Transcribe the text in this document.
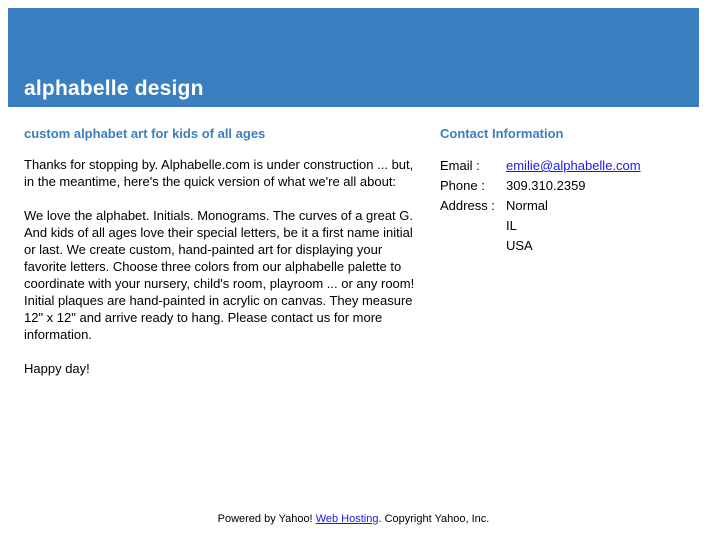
alphabelle design
custom alphabet art for kids of all ages

Thanks for stopping by. Alphabelle.com is under construction ... but, in the meantime, here's the quick version of what we're all about:

We love the alphabet. Initials. Monograms. The curves of a great G. And kids of all ages love their special letters, be it a first name initial or last. We create custom, hand-painted art for displaying your favorite letters. Choose three colors from our alphabelle palette to coordinate with your nursery, child's room, playroom ... or any room! Initial plaques are hand-painted in acrylic on canvas. They measure 12" x 12" and arrive ready to hang. Please contact us for more information.

Happy day!

Contact Information
Email :	emilie@alphabelle.com
Phone :	309.310.2359
Address :	Normal
	IL
	USA
Powered by Yahoo! Web Hosting. Copyright Yahoo, Inc.
